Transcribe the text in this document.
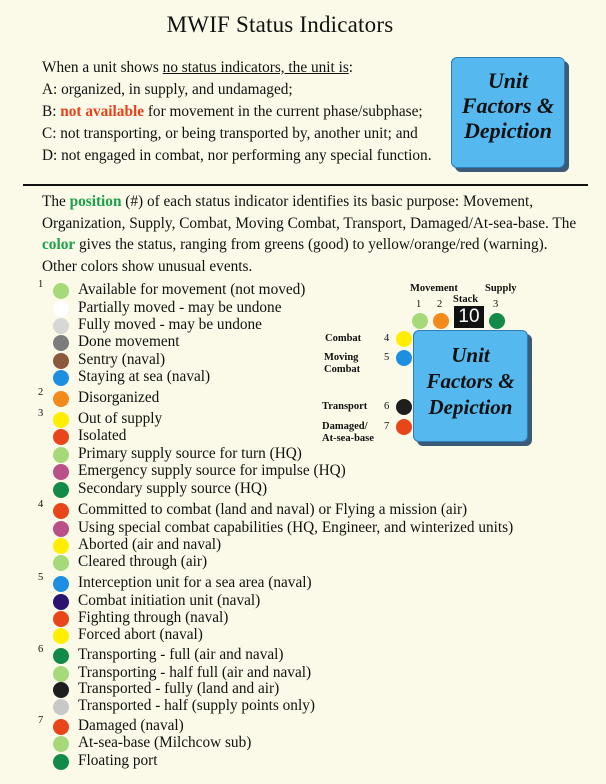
MWIF Status Indicators
When a unit shows no status indicators, the unit is:
A: organized, in supply, and undamaged;
B: not available for movement in the current phase/subphase;
C: not transporting, or being transported by, another unit; and
D: not engaged in combat, nor performing any special function.
Unit
Factors &
Depiction
The position (#) of each status indicator identifies its basic purpose: Movement, Organization, Supply, Combat, Moving Combat, Transport, Damaged/At-sea-base. The color gives the status, ranging from greens (good) to yellow/orange/red (warning). Other colors show unusual events.
Movement	Supply
Stack
1 2	3
10
Combat 4
Moving
Combat
5	Unit
Factors &
Depiction
Transport 6
Damaged/
At-sea-base
7
1 Available for movement (not moved)
Partially moved - may be undone
Fully moved - may be undone
Done movement
Sentry (naval)
Staying at sea (naval)
2 Disorganized
3 Out of supply
Isolated
Primary supply source for turn (HQ)
Emergency supply source for impulse (HQ)
Secondary supply source (HQ)
4 Committed to combat (land and naval) or Flying a mission (air)
Using special combat capabilities (HQ, Engineer, and winterized units)
Aborted (air and naval)
Cleared through (air)
5 Interception unit for a sea area (naval)
Combat initiation unit (naval)
Fighting through (naval)
Forced abort (naval)
6 Transporting - full (air and naval)
Transporting - half full (air and naval)
Transported - fully (land and air)
Transported - half (supply points only)
7 Damaged (naval)
At-sea-base (Milchcow sub)
Floating port
